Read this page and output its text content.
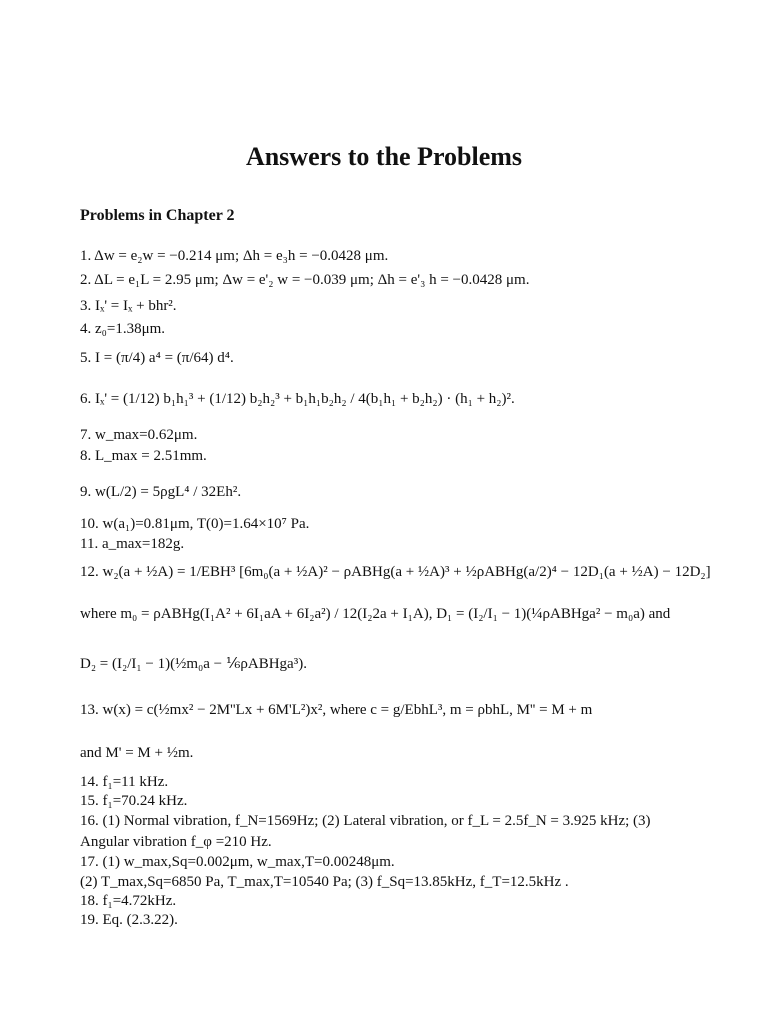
Answers to the Problems
Problems in Chapter 2
1. Δw = e₂w = −0.214 μm; Δh = e₃h = −0.0428 μm.
2. ΔL = e₁L = 2.95 μm; Δw = e'₂ w = −0.039 μm; Δh = e'₃ h = −0.0428 μm.
3. Iₓ' = Iₓ + bhr².
4. z₀=1.38μm.
5. I = (π/4) a⁴ = (π/64) d⁴.
6. Iₓ' = (1/12) b₁h₁³ + (1/12) b₂h₂³ + b₁h₁b₂h₂ / 4(b₁h₁ + b₂h₂) · (h₁ + h₂)².
7. w_max=0.62μm.
8. L_max = 2.51mm.
9. w(L/2) = 5ρgL⁴ / 32Eh².
10. w(a₁)=0.81μm, T(0)=1.64×10⁷ Pa.
11. a_max=182g.
12. w₂(a + ½A) = 1/EBH³ [6m₀(a + ½A)² − ρABHg(a + ½A)³ + ½ρABHg(a/2)⁴ − 12D₁(a + ½A) − 12D₂]
where m₀ = ρABHg(I₁A² + 6I₁aA + 6I₂a²) / 12(I₂2a + I₁A), D₁ = (I₂/I₁ − 1)(¼ρABHga² − m₀a) and
D₂ = (I₂/I₁ − 1)(½m₀a − ⅙ρABHga³).
13. w(x) = c(½mx² − 2M''Lx + 6M'L²)x², where c = g/EbhL³, m = ρbhL, M'' = M + m
and M' = M + ½m.
14. f₁=11 kHz.
15. f₁=70.24 kHz.
16. (1) Normal vibration, f_N=1569Hz; (2) Lateral vibration, or f_L = 2.5f_N = 3.925 kHz; (3)
Angular vibration f_φ =210 Hz.
17. (1) w_max,Sq=0.002μm, w_max,T=0.00248μm.
(2) T_max,Sq=6850 Pa, T_max,T=10540 Pa; (3) f_Sq=13.85kHz, f_T=12.5kHz .
18. f₁=4.72kHz.
19. Eq. (2.3.22).
